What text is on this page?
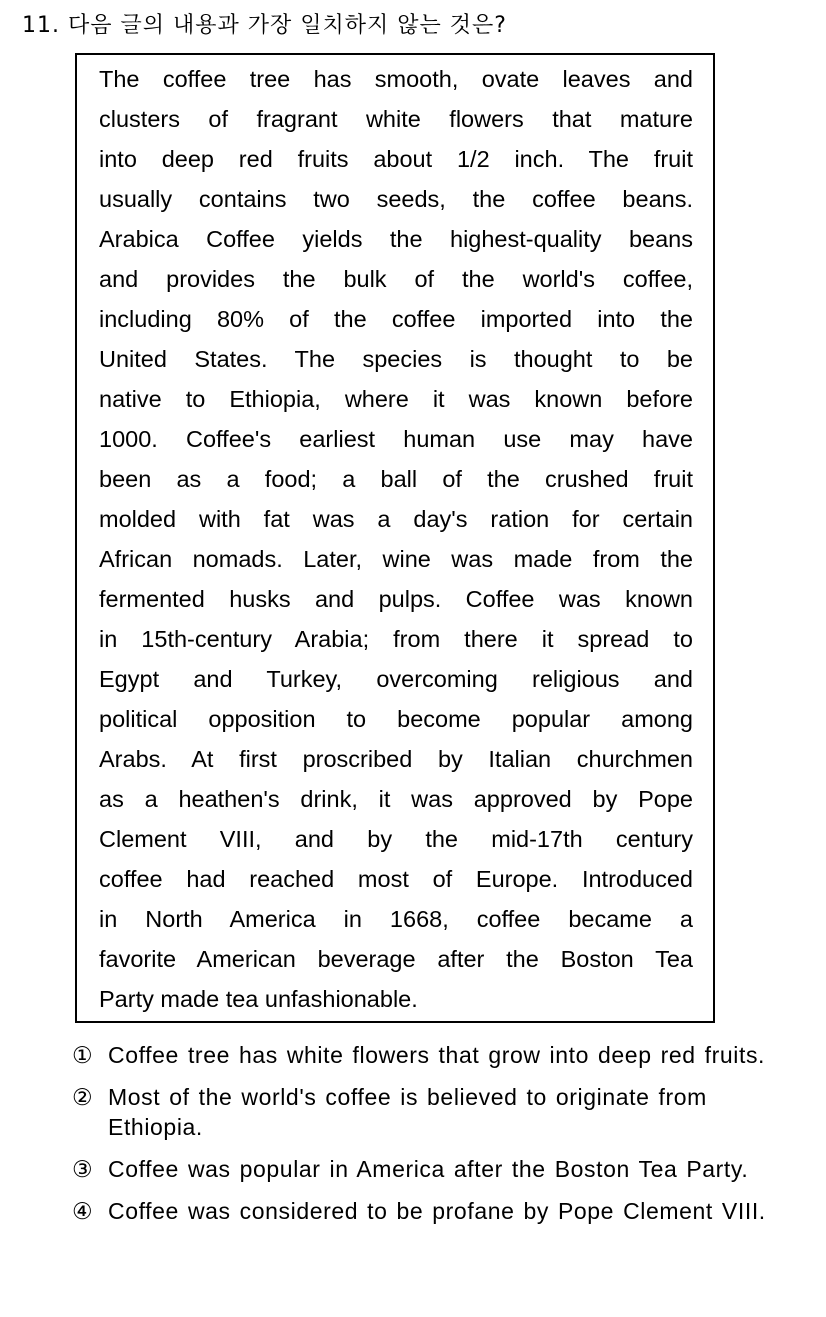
11. 다음 글의 내용과 가장 일치하지 않는 것은?
The coffee tree has smooth, ovate leaves and
clusters of fragrant white flowers that mature
into deep red fruits about 1/2 inch. The fruit
usually contains two seeds, the coffee beans.
Arabica Coffee yields the highest-quality beans
and provides the bulk of the world's coffee,
including 80% of the coffee imported into the
United States. The species is thought to be
native to Ethiopia, where it was known before
1000. Coffee's earliest human use may have
been as a food; a ball of the crushed fruit
molded with fat was a day's ration for certain
African nomads. Later, wine was made from the
fermented husks and pulps. Coffee was known
in 15th-century Arabia; from there it spread to
Egypt and Turkey, overcoming religious and
political opposition to become popular among
Arabs. At first proscribed by Italian churchmen
as a heathen's drink, it was approved by Pope
Clement VIII, and by the mid-17th century
coffee had reached most of Europe. Introduced
in North America in 1668, coffee became a
favorite American beverage after the Boston Tea
Party made tea unfashionable.
① Coffee tree has white flowers that grow into deep red fruits.
② Most of the world's coffee is believed to originate from Ethiopia.
③ Coffee was popular in America after the Boston Tea Party.
④ Coffee was considered to be profane by Pope Clement VIII.
